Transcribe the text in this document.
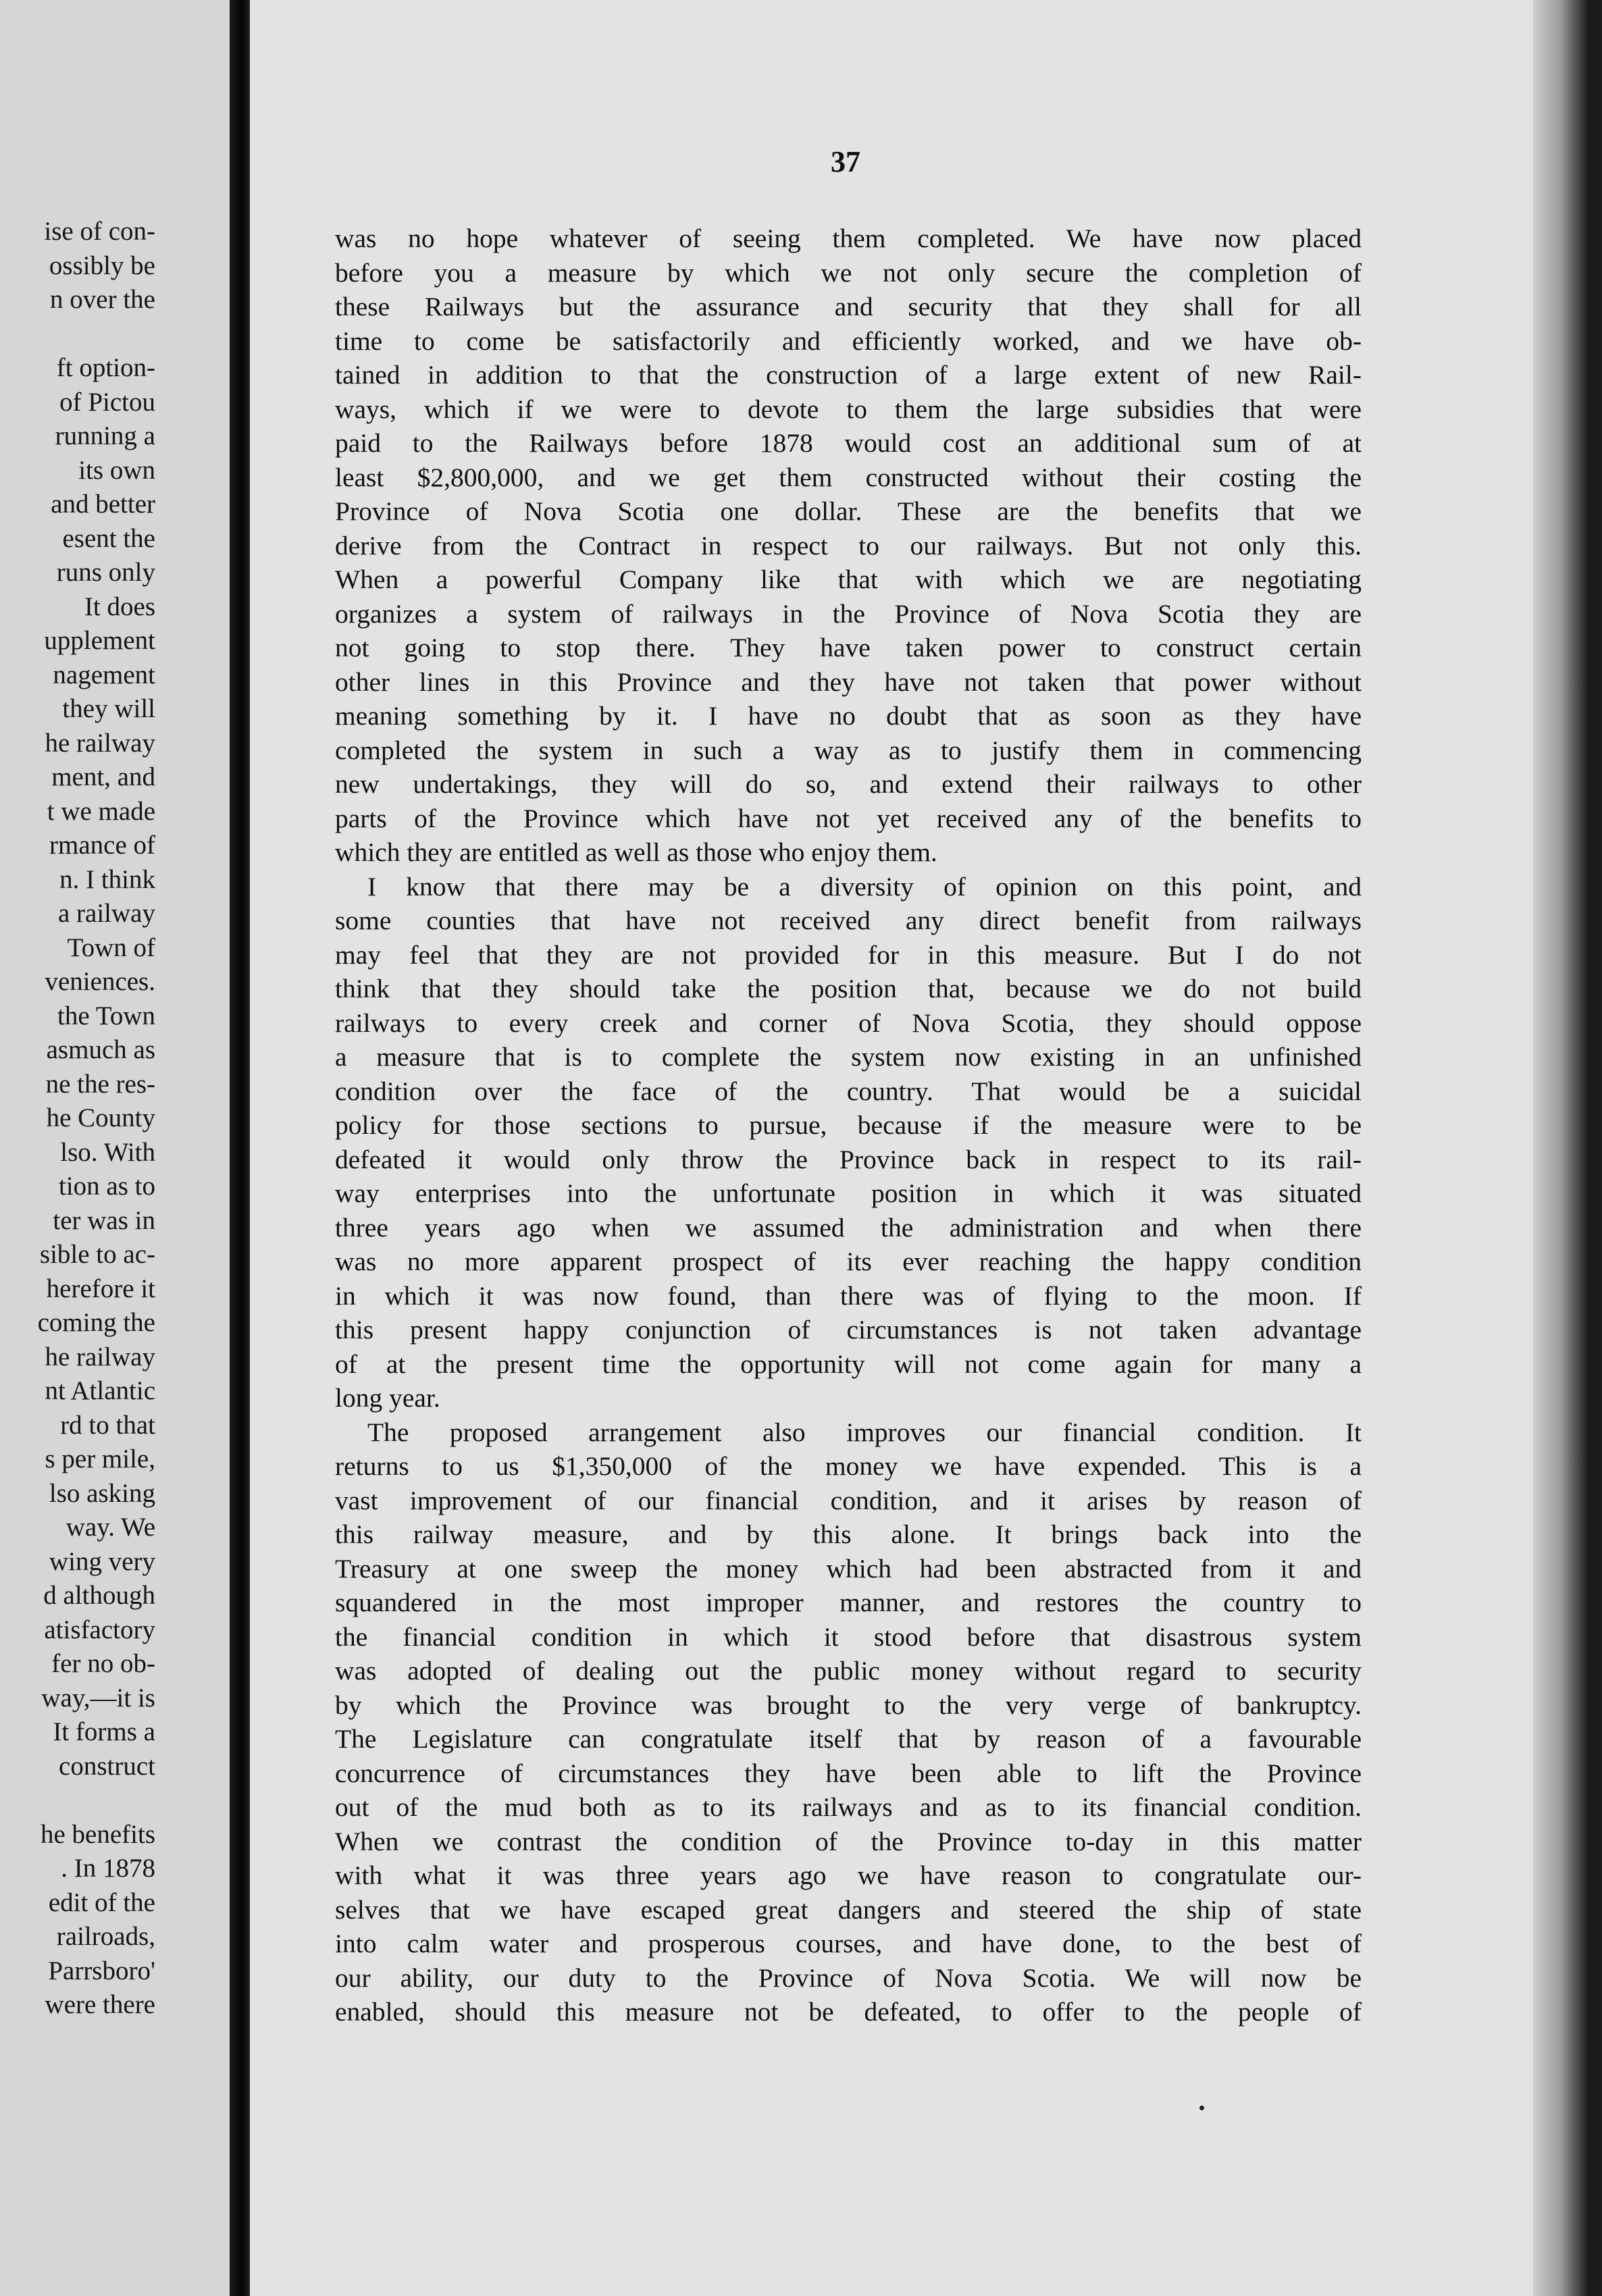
ise of con-
ossibly be
n over the
ft option-
of Pictou
running a
its own
and better
esent the
runs only
It does
upplement
nagement
they will
he railway
ment, and
t we made
rmance of
n. I think
a railway
Town of
veniences.
the Town
asmuch as
ne the res-
he County
lso. With
tion as to
ter was in
sible to ac-
herefore it
coming the
he railway
nt Atlantic
rd to that
s per mile,
lso asking
way. We
wing very
d although
atisfactory
fer no ob-
way,—it is
It forms a
construct
he benefits
. In 1878
edit of the
railroads,
Parrsboro'
were there
37
was no hope whatever of seeing them completed. We have now placed
before you a measure by which we not only secure the completion of
these Railways but the assurance and security that they shall for all
time to come be satisfactorily and efficiently worked, and we have ob-
tained in addition to that the construction of a large extent of new Rail-
ways, which if we were to devote to them the large subsidies that were
paid to the Railways before 1878 would cost an additional sum of at
least $2,800,000, and we get them constructed without their costing the
Province of Nova Scotia one dollar. These are the benefits that we
derive from the Contract in respect to our railways. But not only this.
When a powerful Company like that with which we are negotiating
organizes a system of railways in the Province of Nova Scotia they are
not going to stop there. They have taken power to construct certain
other lines in this Province and they have not taken that power without
meaning something by it. I have no doubt that as soon as they have
completed the system in such a way as to justify them in commencing
new undertakings, they will do so, and extend their railways to other
parts of the Province which have not yet received any of the benefits to
which they are entitled as well as those who enjoy them.
I know that there may be a diversity of opinion on this point, and
some counties that have not received any direct benefit from railways
may feel that they are not provided for in this measure. But I do not
think that they should take the position that, because we do not build
railways to every creek and corner of Nova Scotia, they should oppose
a measure that is to complete the system now existing in an unfinished
condition over the face of the country. That would be a suicidal
policy for those sections to pursue, because if the measure were to be
defeated it would only throw the Province back in respect to its rail-
way enterprises into the unfortunate position in which it was situated
three years ago when we assumed the administration and when there
was no more apparent prospect of its ever reaching the happy condition
in which it was now found, than there was of flying to the moon. If
this present happy conjunction of circumstances is not taken advantage
of at the present time the opportunity will not come again for many a
long year.
The proposed arrangement also improves our financial condition. It
returns to us $1,350,000 of the money we have expended. This is a
vast improvement of our financial condition, and it arises by reason of
this railway measure, and by this alone. It brings back into the
Treasury at one sweep the money which had been abstracted from it and
squandered in the most improper manner, and restores the country to
the financial condition in which it stood before that disastrous system
was adopted of dealing out the public money without regard to security
by which the Province was brought to the very verge of bankruptcy.
The Legislature can congratulate itself that by reason of a favourable
concurrence of circumstances they have been able to lift the Province
out of the mud both as to its railways and as to its financial condition.
When we contrast the condition of the Province to-day in this matter
with what it was three years ago we have reason to congratulate our-
selves that we have escaped great dangers and steered the ship of state
into calm water and prosperous courses, and have done, to the best of
our ability, our duty to the Province of Nova Scotia. We will now be
enabled, should this measure not be defeated, to offer to the people of
